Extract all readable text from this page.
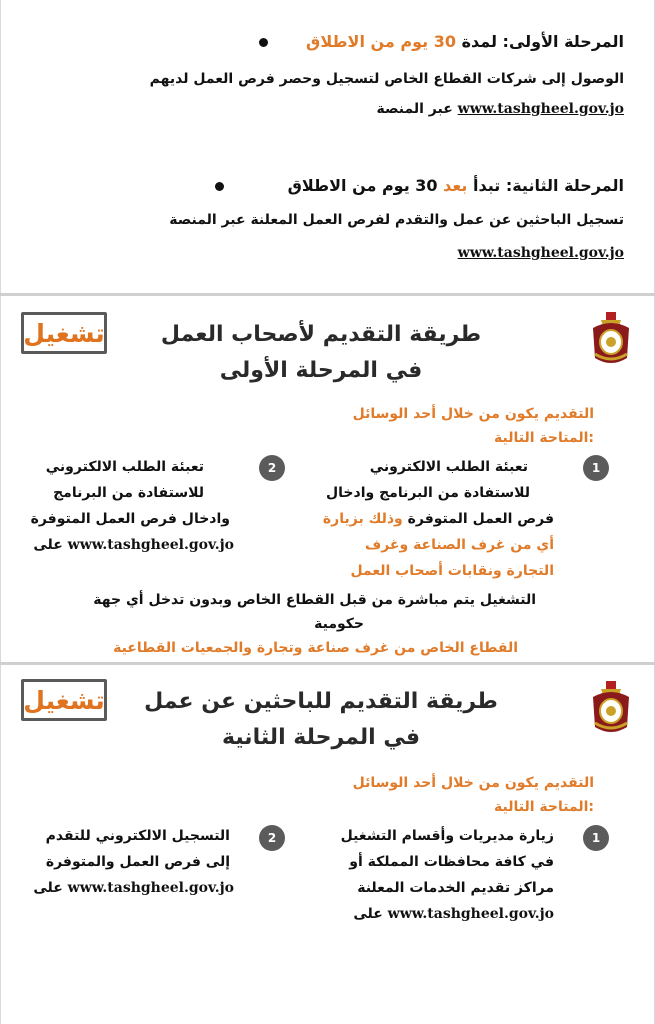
المرحلة الأولى: لمدة 30 يوم من الاطلاق
الوصول إلى شركات القطاع الخاص لتسجيل وحصر فرص العمل لديهم
www.tashgheel.gov.jo عبر المنصة
المرحلة الثانية: تبدأ بعد 30 يوم من الاطلاق
تسجيل الباحثين عن عمل والتقدم لفرص العمل المعلنة عبر المنصة
www.tashgheel.gov.jo
تشغيل	طريقة التقديم لأصحاب العمل
في المرحلة الأولى
التقديم يكون من خلال أحد الوسائل
:المتاحة التالية
1
تعبئة الطلب الالكتروني
للاستفادة من البرنامج وادخال
فرص العمل المتوفرة وذلك بزيارة
أي من غرف الصناعة وغرف
التجارة ونقابات أصحاب العمل
2
تعبئة الطلب الالكتروني
للاستفادة من البرنامج
وادخال فرص العمل المتوفرة
www.tashgheel.gov.jo على
التشغيل يتم مباشرة من قبل القطاع الخاص وبدون تدخل أي جهة
حكومية
القطاع الخاص من غرف صناعة وتجارة والجمعيات القطاعية
تشغيل	طريقة التقديم للباحثين عن عمل
في المرحلة الثانية
التقديم يكون من خلال أحد الوسائل
:المتاحة التالية
1
زيارة مديريات وأقسام التشغيل
في كافة محافظات المملكة أو
مراكز تقديم الخدمات المعلنة
www.tashgheel.gov.jo على
2
التسجيل الالكتروني للتقدم
إلى فرص العمل والمتوفرة
www.tashgheel.gov.jo على
